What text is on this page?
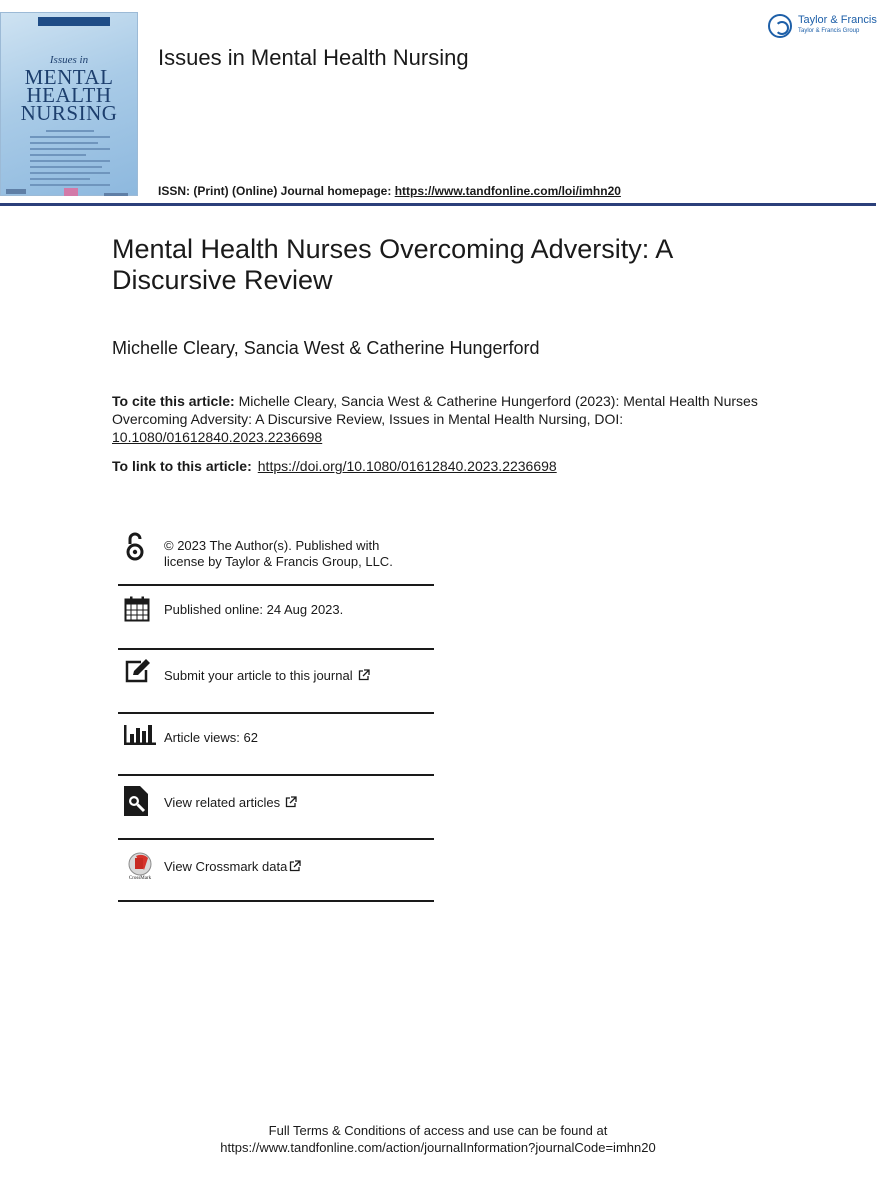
Issues in
MENTAL
HEALTH
NURSING
Issues in Mental Health Nursing
Taylor & Francis
Taylor & Francis Group
ISSN: (Print) (Online) Journal homepage: https://www.tandfonline.com/loi/imhn20
Mental Health Nurses Overcoming Adversity: A Discursive Review
Michelle Cleary, Sancia West & Catherine Hungerford
To cite this article: Michelle Cleary, Sancia West & Catherine Hungerford (2023): Mental Health Nurses Overcoming Adversity: A Discursive Review, Issues in Mental Health Nursing, DOI:
10.1080/01612840.2023.2236698
To link to this article: https://doi.org/10.1080/01612840.2023.2236698
© 2023 The Author(s). Published with
license by Taylor & Francis Group, LLC.
Published online: 24 Aug 2023.
Submit your article to this journal
Article views: 62
View related articles
CrossMark
View Crossmark data
Full Terms & Conditions of access and use can be found at
https://www.tandfonline.com/action/journalInformation?journalCode=imhn20
